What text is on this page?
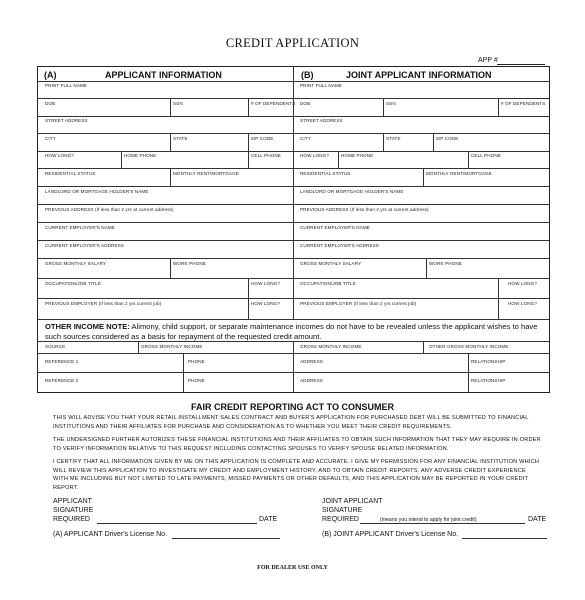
CREDIT APPLICATION
APP #
(A)	APPLICANT INFORMATION	(B)	JOINT APPLICANT INFORMATION
PRINT FULL NAME
DOB	SSN	# OF DEPENDENTS
STREET ADDRESS
CITY	STATE	ZIP CODE
HOW LONG?	HOME PHONE	CELL PHONE
RESIDENTIAL STATUS	MONTHLY RENT/MORTGAGE
LANDLORD OR MORTGAGE HOLDER'S NAME
PREVIOUS ADDRESS (If less than 2 yrs at current address)
CURRENT EMPLOYER'S NAME
CURRENT EMPLOYER'S ADDRESS
GROSS MONTHLY SALARY	WORK PHONE
OCCUPATION/JOB TITLE	HOW LONG?
PREVIOUS EMPLOYER (If less than 2 yrs current job)	HOW LONG?
PRINT FULL NAME
DOB	SSN	# OF DEPENDENTS
STREET ADDRESS
CITY	STATE	ZIP CODE
HOW LONG?	HOME PHONE	CELL PHONE
RESIDENTIAL STATUS	MONTHLY RENT/MORTGAGE
LANDLORD OR MORTGAGE HOLDER'S NAME
PREVIOUS ADDRESS (If less than 2 yrs at current address)
CURRENT EMPLOYER'S NAME
CURRENT EMPLOYER'S ADDRESS
GROSS MONTHLY SALARY	WORK PHONE
OCCUPATION/JOB TITLE	HOW LONG?
PREVIOUS EMPLOYER (If less than 2 yrs current job)	HOW LONG?
OTHER INCOME NOTE: Alimony, child support, or separate maintenance incomes do not have to be revealed unless the applicant wishes to have such sources considered as a basis for repayment of the requested credit amount.
SOURCE	GROSS MONTHLY INCOME	GROSS MONTHLY INCOME	OTHER GROSS MONTHLY INCOME
REFERENCE 1	PHONE	ADDRESS	RELATIONSHIP
REFERENCE 2	PHONE	ADDRESS	RELATIONSHIP
FAIR CREDIT REPORTING ACT TO CONSUMER
THIS WILL ADVISE YOU THAT YOUR RETAIL INSTALLMENT SALES CONTRACT AND BUYER'S APPLICATION FOR PURCHASED DEBT WILL BE SUBMITTED TO FINANCIAL INSTITUTIONS AND THEIR AFFILIATES FOR PURCHASE AND CONSIDERATION AS TO WHETHER YOU MEET THEIR CREDIT REQUIREMENTS.
THE UNDERSIGNED FURTHER AUTORIZES THESE FINANCIAL INSTITUTIONS AND THEIR AFFILIATES TO OBTAIN SUCH INFORMATION THAT THEY MAY REQUIRE IN ORDER TO VERIFY INFORMATION RELATIVE TO THIS REQUEST INCLUDING CONTACTING SPOUSES TO VERIFY SPOUSE RELATED INFORMATION.
I CERTIFY THAT ALL INFORMATION GIVEN BY ME ON THIS APPLICATION IS COMPLETE AND ACCURATE. I GIVE MY PERMISSION FOR ANY FINANCIAL INSTITUTION WHICH WILL REVIEW THIS APPLICATION TO INVESTIGATE MY CREDIT AND EMPLOYMENT HISTORY, AND TO OBTAIN CREDIT REPORTS. ANY ADVERSE CREDIT EXPERIENCE WITH ME INCLUDING BUT NOT LIMITED TO LATE PAYMENTS, MISSED PAYMENTS OR OTHER DEFAULTS, AND THIS APPLICATION MAY BE REPORTED IN YOUR CREDIT REPORT.
APPLICANT
SIGNATURE
REQUIRED	DATE
(A) APPLICANT Driver's License No.
JOINT APPLICANT
SIGNATURE
REQUIRED	(means you intend to apply for joint credit)	DATE
(B) JOINT APPLICANT Driver's License No.
FOR DEALER USE ONLY
